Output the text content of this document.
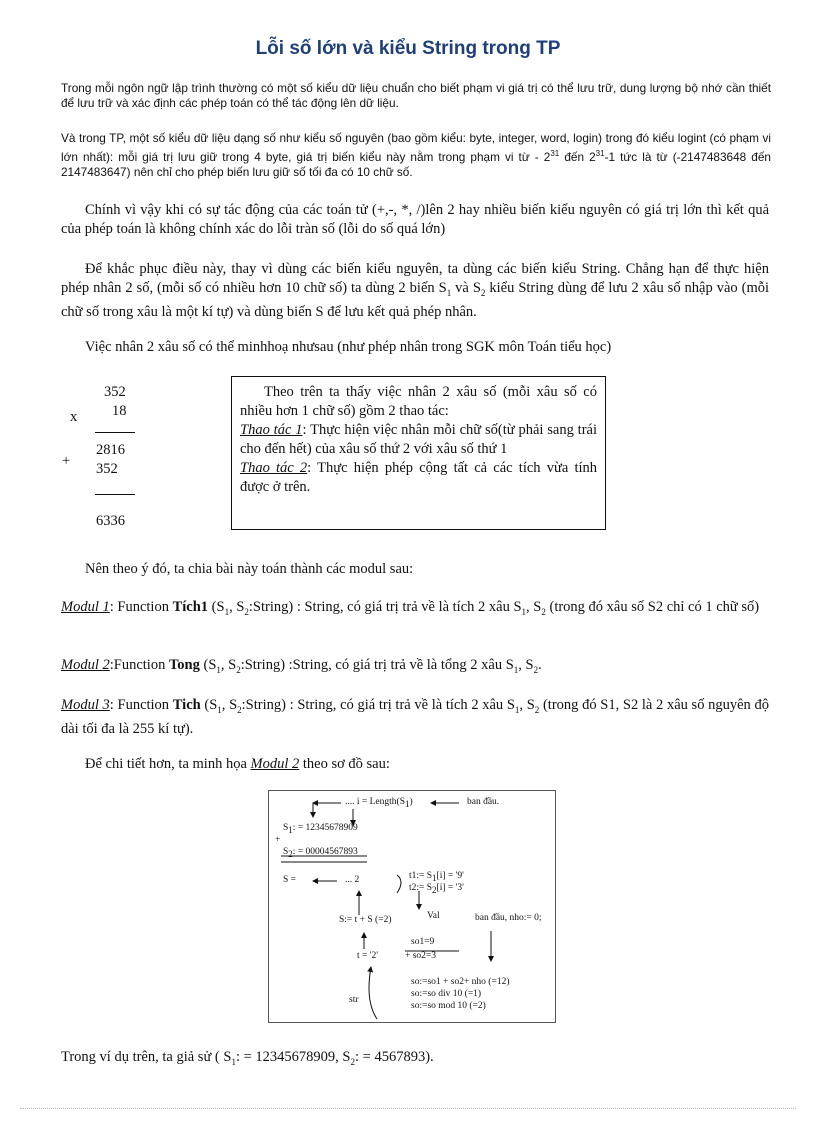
Lỗi số lớn và kiểu String trong TP
Trong mỗi ngôn ngữ lập trình thường có một số kiểu dữ liệu chuẩn cho biết phạm vi giá trị có thể lưu trữ, dung lượng bộ nhớ cần thiết để lưu trữ và xác định các phép toán có thể tác động lên dữ liệu.
Và trong TP, một số kiểu dữ liệu dạng số như kiểu số nguyên (bao gồm kiểu: byte, integer, word, login) trong đó kiểu logint (có phạm vi lớn nhất): mỗi giá trị lưu giữ trong 4 byte, giá trị biến kiểu này nằm trong phạm vi từ - $2^{31}$ đến $2^{31}-1$ tức là từ (-2147483648 đến 2147483647) nên chỉ cho phép biến lưu giữ số tối đa có 10 chữ số.
Chính vì vậy khi có sự tác động của các toán tử (+,-, *, /)lên 2 hay nhiều biến kiểu nguyên có giá trị lớn thì kết quả của phép toán là không chính xác do lỗi tràn số (lỗi do số quá lớn)
Để khắc phục điều này, thay vì dùng các biến kiểu nguyên, ta dùng các biến kiểu String. Chẳng hạn để thực hiện phép nhân 2 số, (mỗi số có nhiều hơn 10 chữ số) ta dùng 2 biến $S_1$ và $S_2$ kiểu String dùng để lưu 2 xâu số nhập vào (mỗi chữ số trong xâu là một kí tự) và dùng biến S để lưu kết quả phép nhân.
Việc nhân 2 xâu số có thể minhhoạ nhưsau (như phép nhân trong SGK môn Toán tiểu học)
352
x 18
2816
+ 352
6336
Theo trên ta thấy việc nhân 2 xâu số (mỗi xâu số có nhiều hơn 1 chữ số) gồm 2 thao tác:
Thao tác 1: Thực hiện việc nhân mỗi chữ số(từ phải sang trái cho đến hết) của xâu số thứ 2 với xâu số thứ 1
Thao tác 2: Thực hiện phép cộng tất cả các tích vừa tính được ở trên.
Nên theo ý đó, ta chia bài này toán thành các modul sau:
Modul 1: Function Tích1 ($S_1$, $S_2:String$) : String, có giá trị trả về là tích 2 xâu $S_1$, $S_2$ (trong đó xâu số S2 chỉ có 1 chữ số)
Modul 2:Function Tong ($S_1$, $S_2:String$) :String, có giá trị trả về là tổng 2 xâu $S_1$, $S_2$.
Modul 3: Function Tich ($S_1$, $S_2:String$) : String, có giá trị trả về là tích 2 xâu $S_1$, $S_2$ (trong đó S1, S2 là 2 xâu số nguyên độ dài tối đa là 255 kí tự).
Để chi tiết hơn, ta minh họa Modul 2 theo sơ đồ sau:
.... $i = Length(S_1)$	ban đầu.
$S_1$: = 12345678909
+
$S_2$: = 00004567893
S =	... 2	t1:= $S_1[i]$ = '9'
t2:= $S_2[i]$ = '3'
S:= t + S (=2)	Val	ban đầu, nho:= 0;
so1=9
+ so2=3
t = '2'
so:=so1 + so2+ nho (=12)
so:=so div 10 (=1)
so:=so mod 10 (=2)
str
Trong ví dụ trên, ta giả sử ( $S_1$: = 12345678909, $S_2$: = 4567893).
